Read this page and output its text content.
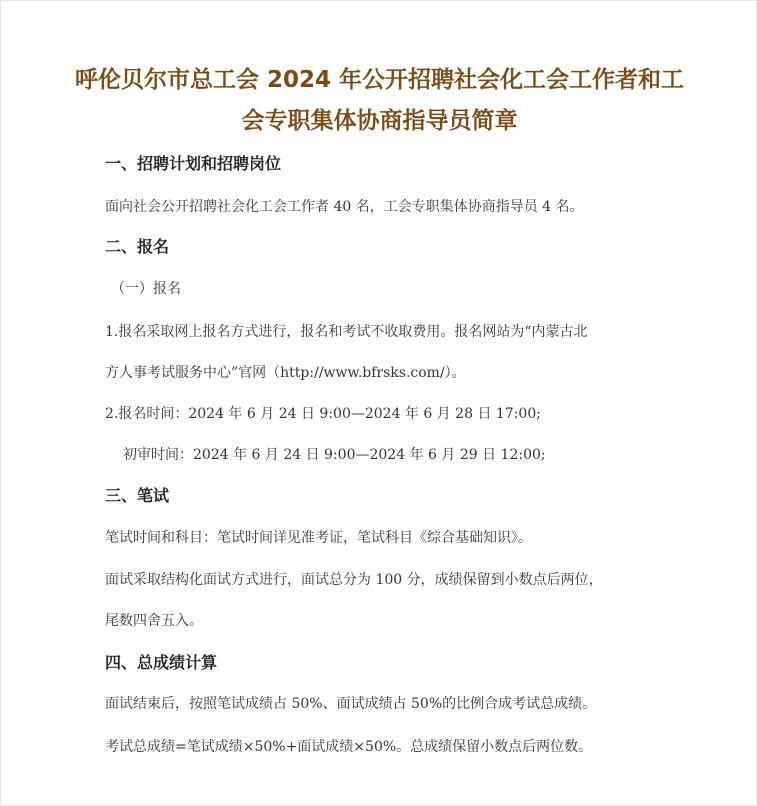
呼伦贝尔市总工会 2024 年公开招聘社会化工会工作者和工
会专职集体协商指导员简章
一、招聘计划和招聘岗位
面向社会公开招聘社会化工会工作者 40 名，工会专职集体协商指导员 4 名。
二、报名
（一）报名
1.报名采取网上报名方式进行，报名和考试不收取费用。报名网站为“内蒙古北
方人事考试服务中心”官网（http://www.bfrsks.com/）。
2.报名时间：2024 年 6 月 24 日 9:00—2024 年 6 月 28 日 17:00;
初审时间：2024 年 6 月 24 日 9:00—2024 年 6 月 29 日 12:00;
三、笔试
笔试时间和科目：笔试时间详见准考证，笔试科目《综合基础知识》。
面试采取结构化面试方式进行，面试总分为 100 分，成绩保留到小数点后两位，
尾数四舍五入。
四、总成绩计算
面试结束后，按照笔试成绩占 50%、面试成绩占 50%的比例合成考试总成绩。
考试总成绩=笔试成绩×50%+面试成绩×50%。总成绩保留小数点后两位数。
